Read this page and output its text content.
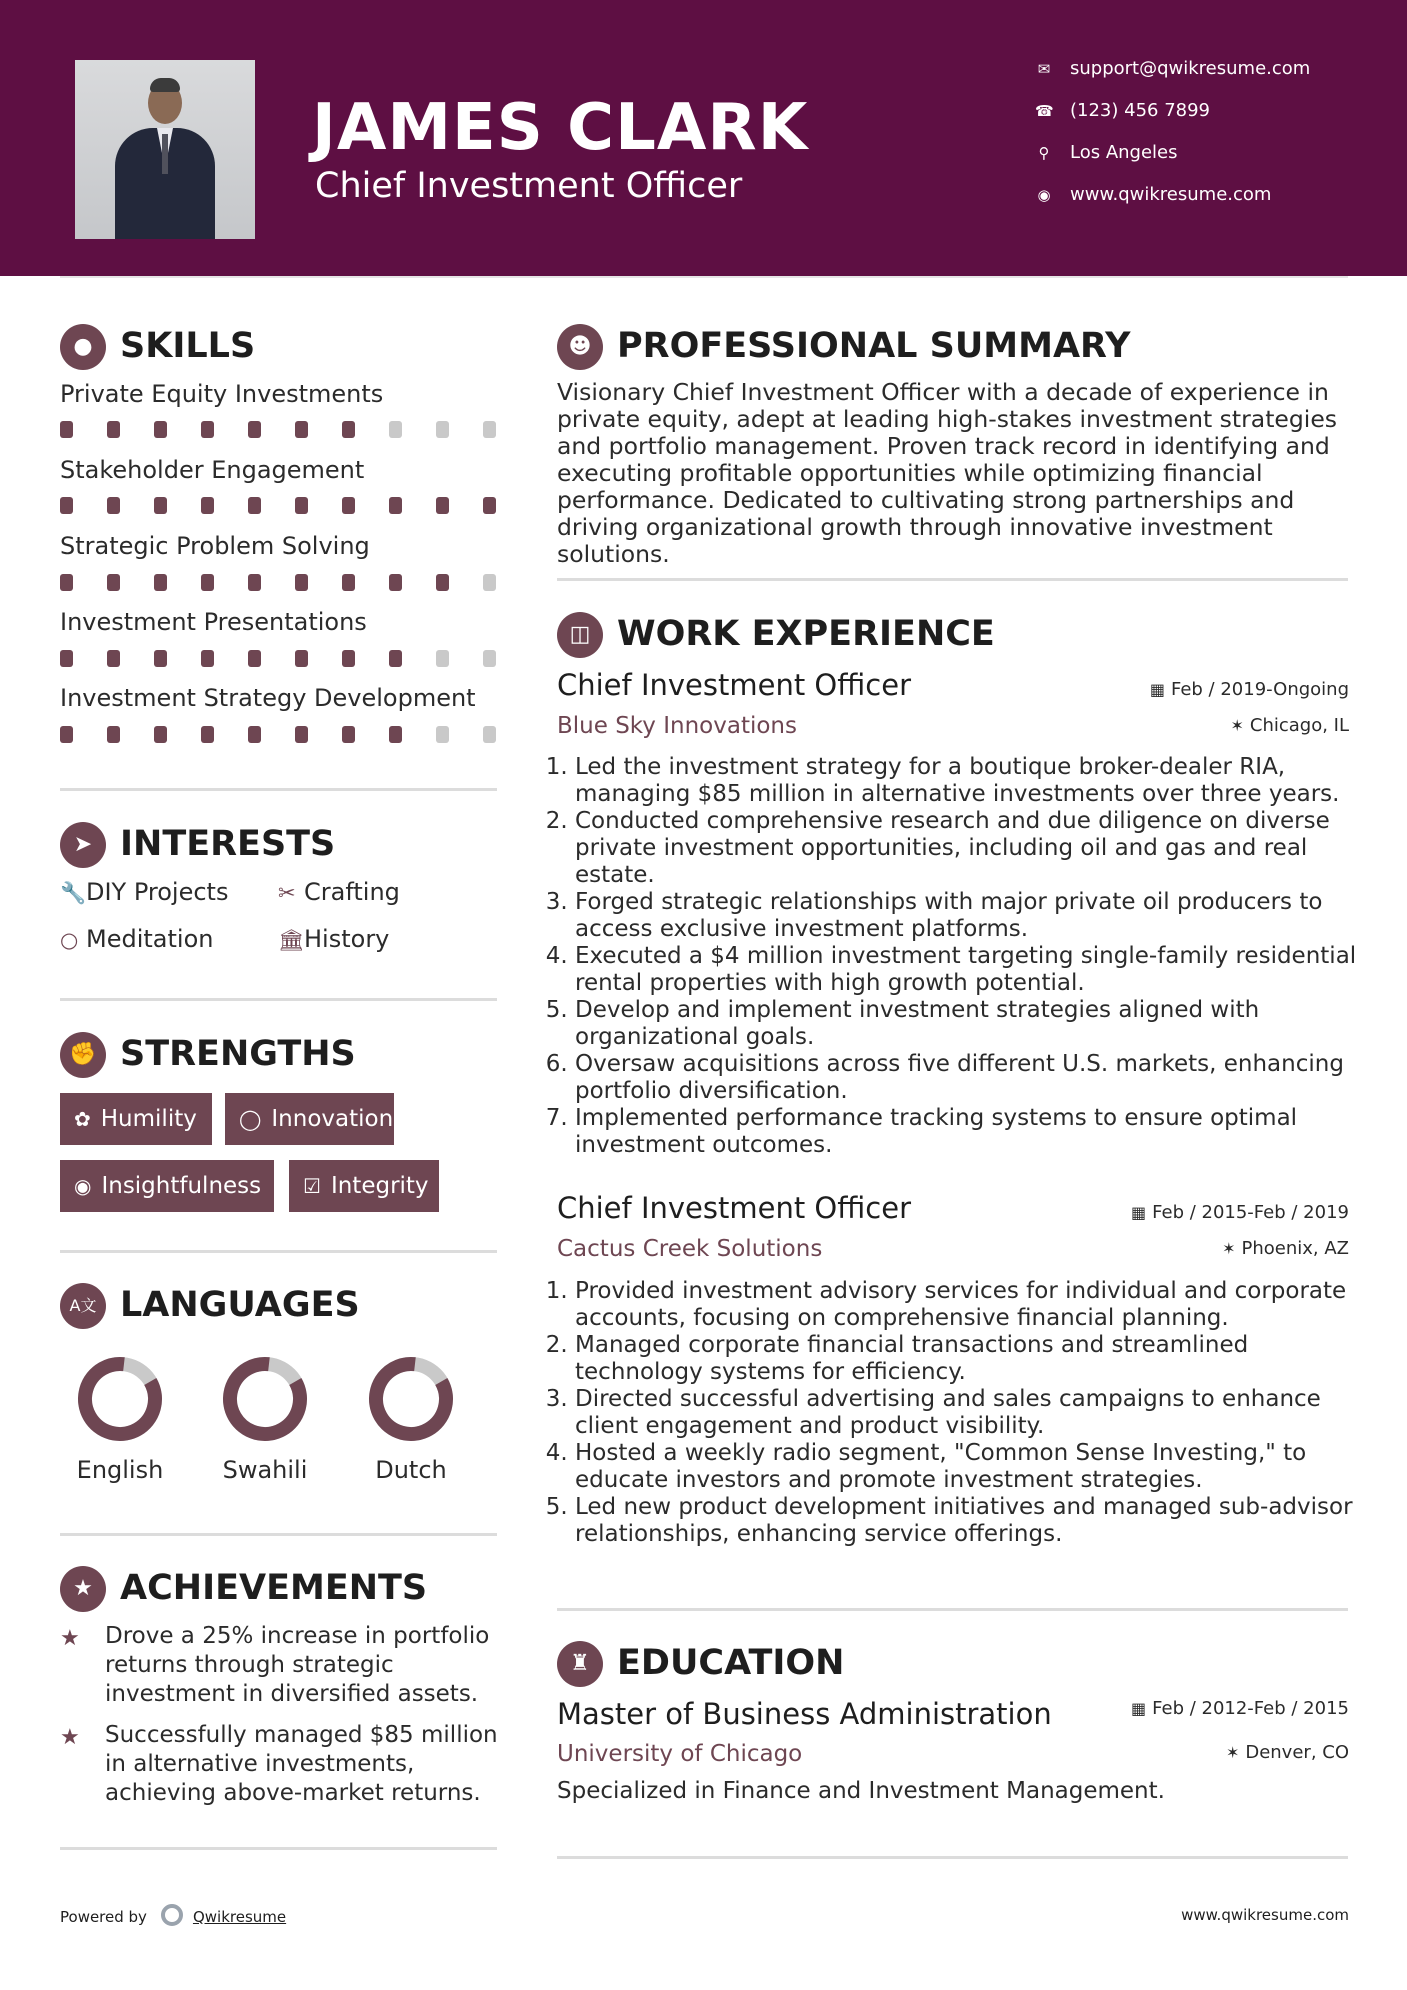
JAMES CLARK
Chief Investment Officer
✉ support@qwikresume.com
☎ (123) 456 7899
⚲ Los Angeles
◉ www.qwikresume.com
● SKILLS
Private Equity Investments
Stakeholder Engagement
Strategic Problem Solving
Investment Presentations
Investment Strategy Development
➤ INTERESTS
🔧DIY Projects ✂ Crafting
○ Meditation	🏛History
✊ STRENGTHS
✿ Humility	◯ Innovation
◉ Insightfulness	☑ Integrity
A文 LANGUAGES
English	Swahili	Dutch
★ ACHIEVEMENTS
★ Drove a 25% increase in portfolio returns through strategic investment in diversified assets.
★ Successfully managed $85 million in alternative investments, achieving above-market returns.
☻ PROFESSIONAL SUMMARY
Visionary Chief Investment Officer with a decade of experience in private equity, adept at leading high-stakes investment strategies and portfolio management. Proven track record in identifying and executing profitable opportunities while optimizing financial performance. Dedicated to cultivating strong partnerships and driving organizational growth through innovative investment solutions.
◫ WORK EXPERIENCE
Chief Investment Officer	▦ Feb / 2019-Ongoing
Blue Sky Innovations	✶ Chicago, IL
1. Led the investment strategy for a boutique broker-dealer RIA, managing $85 million in alternative investments over three years.
2. Conducted comprehensive research and due diligence on diverse private investment opportunities, including oil and gas and real estate.
3. Forged strategic relationships with major private oil producers to access exclusive investment platforms.
4. Executed a $4 million investment targeting single-family residential rental properties with high growth potential.
5. Develop and implement investment strategies aligned with organizational goals.
6. Oversaw acquisitions across five different U.S. markets, enhancing portfolio diversification.
7. Implemented performance tracking systems to ensure optimal investment outcomes.
Chief Investment Officer	▦ Feb / 2015-Feb / 2019
Cactus Creek Solutions	✶ Phoenix, AZ
1. Provided investment advisory services for individual and corporate accounts, focusing on comprehensive financial planning.
2. Managed corporate financial transactions and streamlined technology systems for efficiency.
3. Directed successful advertising and sales campaigns to enhance client engagement and product visibility.
4. Hosted a weekly radio segment, "Common Sense Investing," to educate investors and promote investment strategies.
5. Led new product development initiatives and managed sub-advisor relationships, enhancing service offerings.
♜ EDUCATION
Master of Business Administration	▦ Feb / 2012-Feb / 2015
University of Chicago	✶ Denver, CO
Specialized in Finance and Investment Management.
Powered by	Qwikresume	www.qwikresume.com
